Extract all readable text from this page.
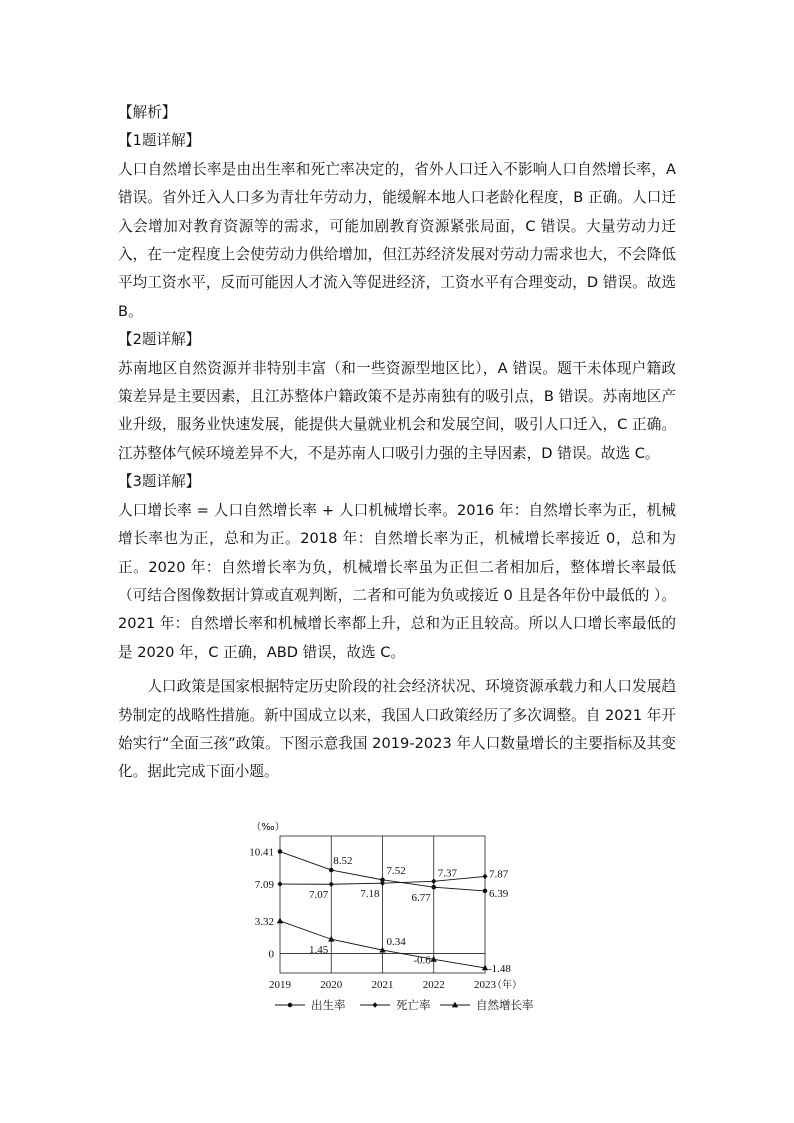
【解析】

【1题详解】

人口自然增长率是由出生率和死亡率决定的，省外人口迁入不影响人口自然增长率，A 错误。省外迁入人口多为青壮年劳动力，能缓解本地人口老龄化程度，B 正确。人口迁入会增加对教育资源等的需求，可能加剧教育资源紧张局面，C 错误。大量劳动力迁入，在一定程度上会使劳动力供给增加，但江苏经济发展对劳动力需求也大，不会降低平均工资水平，反而可能因人才流入等促进经济，工资水平有合理变动，D 错误。故选 B。

【2题详解】

苏南地区自然资源并非特别丰富（和一些资源型地区比），A 错误。题干未体现户籍政策差异是主要因素，且江苏整体户籍政策不是苏南独有的吸引点，B 错误。苏南地区产业升级，服务业快速发展，能提供大量就业机会和发展空间，吸引人口迁入，C 正确。江苏整体气候环境差异不大，不是苏南人口吸引力强的主导因素，D 错误。故选 C。

【3题详解】

人口增长率 = 人口自然增长率 + 人口机械增长率。2016 年：自然增长率为正，机械增长率也为正，总和为正。2018 年：自然增长率为正，机械增长率接近 0，总和为正。2020 年：自然增长率为负，机械增长率虽为正但二者相加后，整体增长率最低（可结合图像数据计算或直观判断，二者和可能为负或接近 0 且是各年份中最低的 ）。2021 年：自然增长率和机械增长率都上升，总和为正且较高。所以人口增长率最低的是 2020 年，C 正确，ABD 错误，故选 C。

人口政策是国家根据特定历史阶段的社会经济状况、环境资源承载力和人口发展趋势制定的战略性措施。新中国成立以来，我国人口政策经历了多次调整。自 2021 年开始实行“全面三孩”政策。下图示意我国 2019-2023 年人口数量增长的主要指标及其变化。据此完成下面小题。

（‰）
10.41
7.09
3.32
0
2019	2020	2021	2022	2023
（年）
8.52
7.07
7.52
7.18
7.37
6.77
7.87
6.39
1.45
0.34
-0.6
-1.48
出生率	死亡率	自然增长率
